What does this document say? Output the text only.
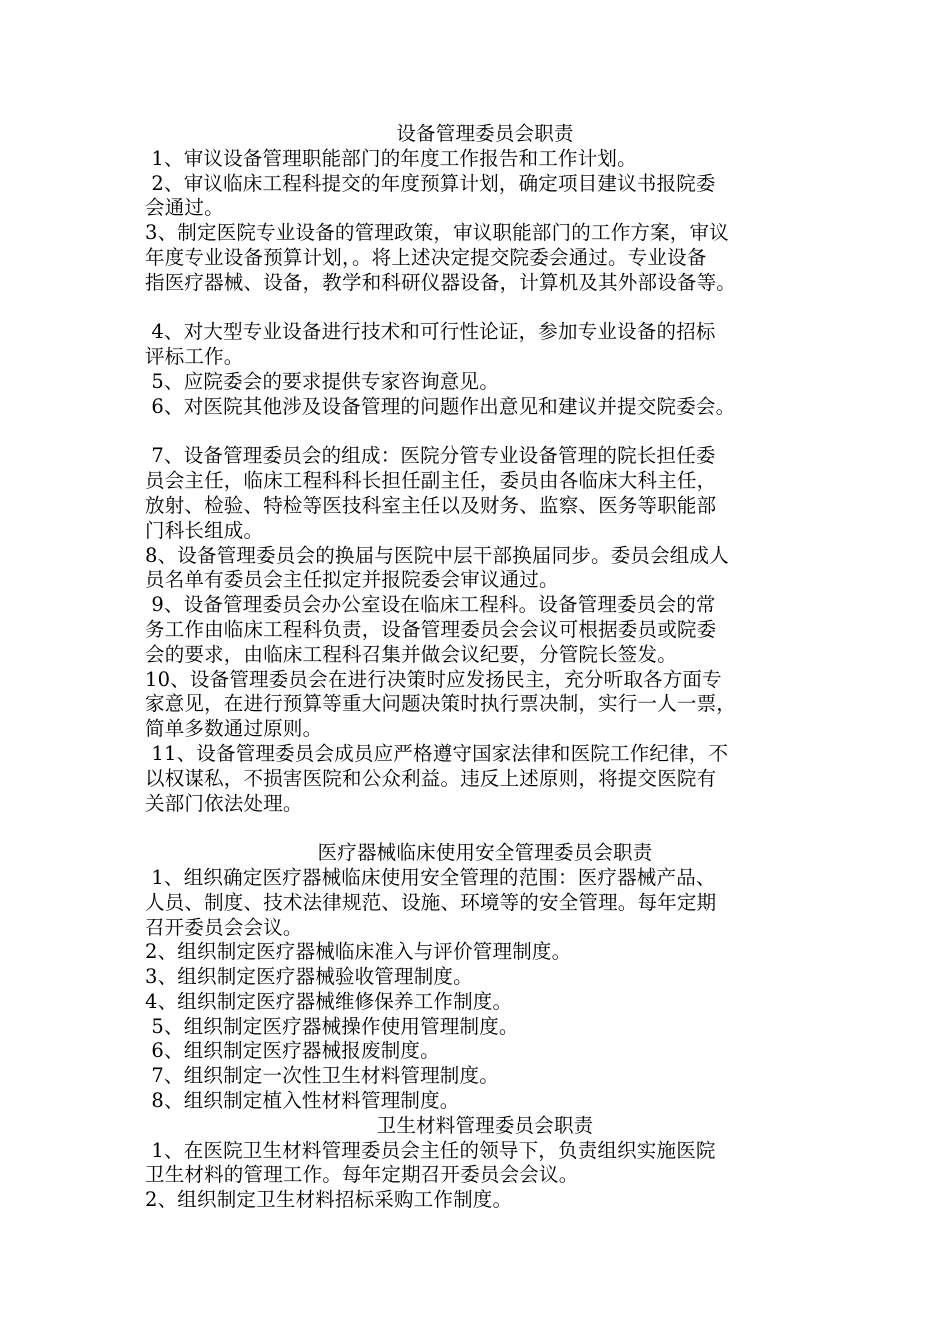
设备管理委员会职责
1、审议设备管理职能部门的年度工作报告和工作计划。
2、审议临床工程科提交的年度预算计划，确定项目建议书报院委
会通过。
3、制定医院专业设备的管理政策，审议职能部门的工作方案，审议
年度专业设备预算计划，。将上述决定提交院委会通过。专业设备
指医疗器械、设备，教学和科研仪器设备，计算机及其外部设备等。
4、对大型专业设备进行技术和可行性论证，参加专业设备的招标
评标工作。
5、应院委会的要求提供专家咨询意见。
6、对医院其他涉及设备管理的问题作出意见和建议并提交院委会。
7、设备管理委员会的组成：医院分管专业设备管理的院长担任委
员会主任，临床工程科科长担任副主任，委员由各临床大科主任，
放射、检验、特检等医技科室主任以及财务、监察、医务等职能部
门科长组成。
8、设备管理委员会的换届与医院中层干部换届同步。委员会组成人
员名单有委员会主任拟定并报院委会审议通过。
9、设备管理委员会办公室设在临床工程科。设备管理委员会的常
务工作由临床工程科负责，设备管理委员会会议可根据委员或院委
会的要求，由临床工程科召集并做会议纪要，分管院长签发。
10、设备管理委员会在进行决策时应发扬民主，充分听取各方面专
家意见，在进行预算等重大问题决策时执行票决制，实行一人一票，
简单多数通过原则。
11、设备管理委员会成员应严格遵守国家法律和医院工作纪律，不
以权谋私，不损害医院和公众利益。违反上述原则，将提交医院有
关部门依法处理。
医疗器械临床使用安全管理委员会职责
1、组织确定医疗器械临床使用安全管理的范围：医疗器械产品、
人员、制度、技术法律规范、设施、环境等的安全管理。每年定期
召开委员会会议。
2、组织制定医疗器械临床准入与评价管理制度。
3、组织制定医疗器械验收管理制度。
4、组织制定医疗器械维修保养工作制度。
5、组织制定医疗器械操作使用管理制度。
6、组织制定医疗器械报废制度。
7、组织制定一次性卫生材料管理制度。
8、组织制定植入性材料管理制度。
卫生材料管理委员会职责
1、在医院卫生材料管理委员会主任的领导下，负责组织实施医院
卫生材料的管理工作。每年定期召开委员会会议。
2、组织制定卫生材料招标采购工作制度。
